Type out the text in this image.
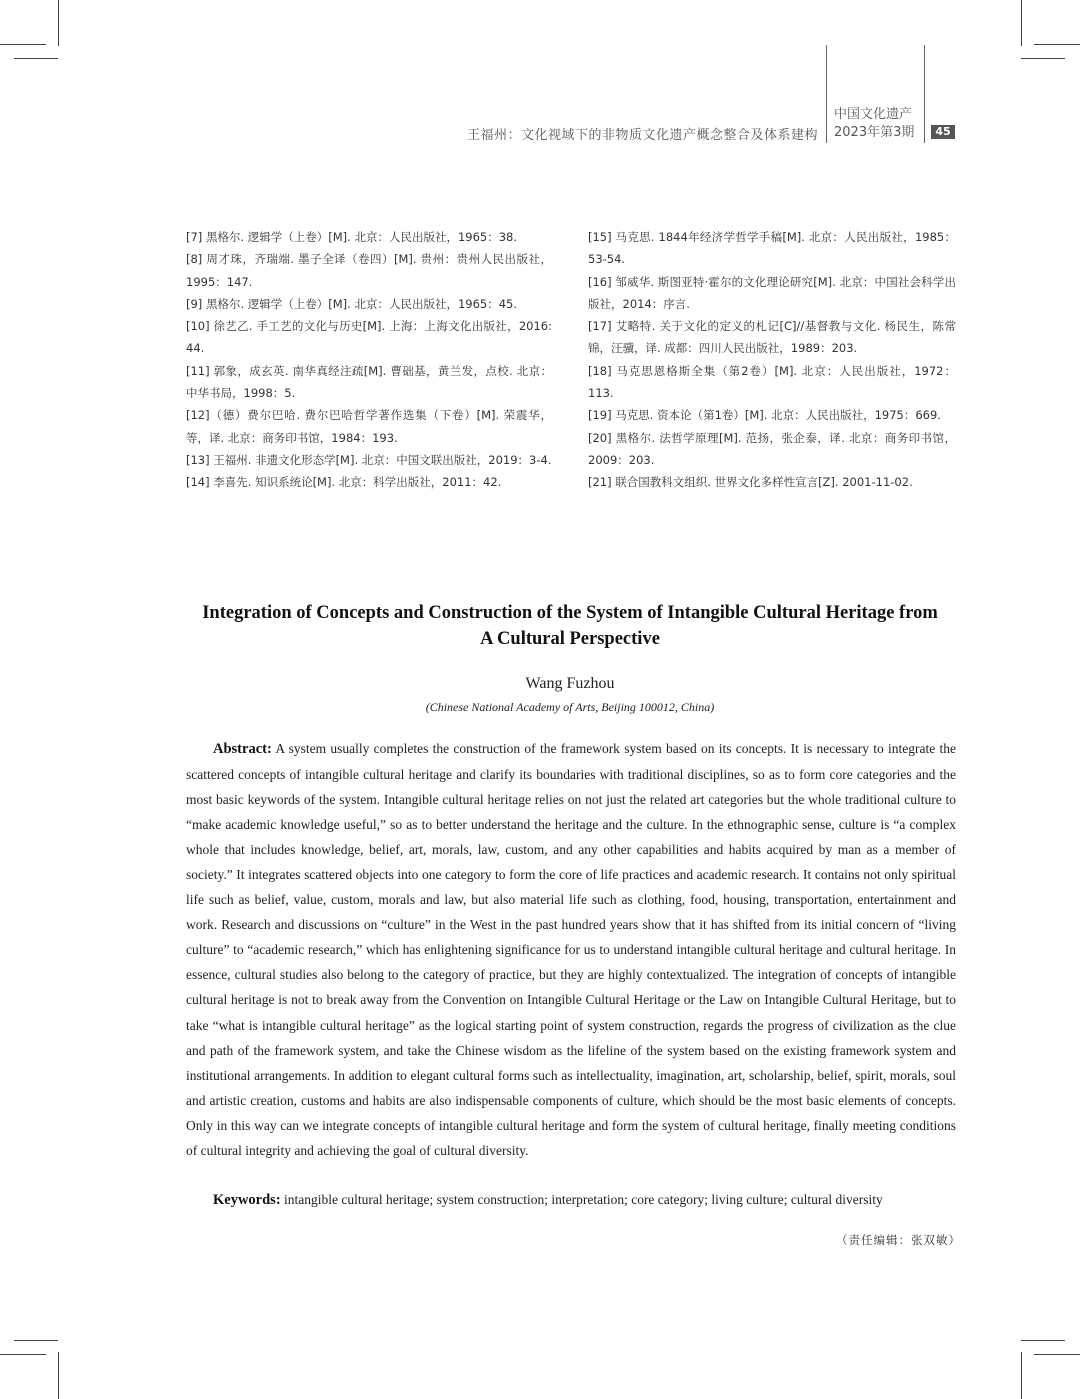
王福州：文化视域下的非物质文化遗产概念整合及体系建构
中国文化遗产
2023年第3期	45
[7] 黑格尔. 逻辑学（上卷）[M]. 北京：人民出版社，1965：38.
[8] 周才珠，齐瑞端. 墨子全译（卷四）[M]. 贵州：贵州人民出版社，1995：147.
[9] 黑格尔. 逻辑学（上卷）[M]. 北京：人民出版社，1965：45.
[10] 徐艺乙. 手工艺的文化与历史[M]. 上海：上海文化出版社，2016: 44.
[11] 郭象，成玄英. 南华真经注疏[M]. 曹础基，黄兰发，点校. 北京：中华书局，1998：5.
[12]（德）费尔巴哈. 费尔巴哈哲学著作选集（下卷）[M]. 荣震华，等，译. 北京：商务印书馆，1984：193.
[13] 王福州. 非遗文化形态学[M]. 北京：中国文联出版社，2019：3-4.
[14] 李喜先. 知识系统论[M]. 北京：科学出版社，2011：42.
[15] 马克思. 1844年经济学哲学手稿[M]. 北京：人民出版社，1985：53-54.
[16] 邹威华. 斯图亚特·霍尔的文化理论研究[M]. 北京：中国社会科学出版社，2014：序言.
[17] 艾略特. 关于文化的定义的札记[C]//基督教与文化. 杨民生，陈常锦，汪骥，译. 成都：四川人民出版社，1989：203.
[18] 马克思恩格斯全集（第2卷）[M]. 北京：人民出版社，1972：113.
[19] 马克思. 资本论（第1卷）[M]. 北京：人民出版社，1975：669.
[20] 黑格尔. 法哲学原理[M]. 范扬，张企泰，译. 北京：商务印书馆，2009：203.
[21] 联合国教科文组织. 世界文化多样性宣言[Z]. 2001-11-02.
Integration of Concepts and Construction of the System of Intangible Cultural Heritage from
A Cultural Perspective
Wang Fuzhou
(Chinese National Academy of Arts, Beijing 100012, China)
Abstract: A system usually completes the construction of the framework system based on its concepts. It is necessary to integrate the scattered concepts of intangible cultural heritage and clarify its boundaries with traditional disciplines, so as to form core categories and the most basic keywords of the system. Intangible cultural heritage relies on not just the related art categories but the whole traditional culture to “make academic knowledge useful,” so as to better understand the heritage and the culture. In the ethnographic sense, culture is “a complex whole that includes knowledge, belief, art, morals, law, custom, and any other capabilities and habits acquired by man as a member of society.” It integrates scattered objects into one category to form the core of life practices and academic research. It contains not only spiritual life such as belief, value, custom, morals and law, but also material life such as clothing, food, housing, transportation, entertainment and work. Research and discussions on “culture” in the West in the past hundred years show that it has shifted from its initial concern of “living culture” to “academic research,” which has enlightening significance for us to understand intangible cultural heritage and cultural heritage. In essence, cultural studies also belong to the category of practice, but they are highly contextualized. The integration of concepts of intangible cultural heritage is not to break away from the Convention on Intangible Cultural Heritage or the Law on Intangible Cultural Heritage, but to take “what is intangible cultural heritage” as the logical starting point of system construction, regards the progress of civilization as the clue and path of the framework system, and take the Chinese wisdom as the lifeline of the system based on the existing framework system and institutional arrangements. In addition to elegant cultural forms such as intellectuality, imagination, art, scholarship, belief, spirit, morals, soul and artistic creation, customs and habits are also indispensable components of culture, which should be the most basic elements of concepts. Only in this way can we integrate concepts of intangible cultural heritage and form the system of cultural heritage, finally meeting conditions of cultural integrity and achieving the goal of cultural diversity.
Keywords: intangible cultural heritage; system construction; interpretation; core category; living culture; cultural diversity
（责任编辑：张双敏）
